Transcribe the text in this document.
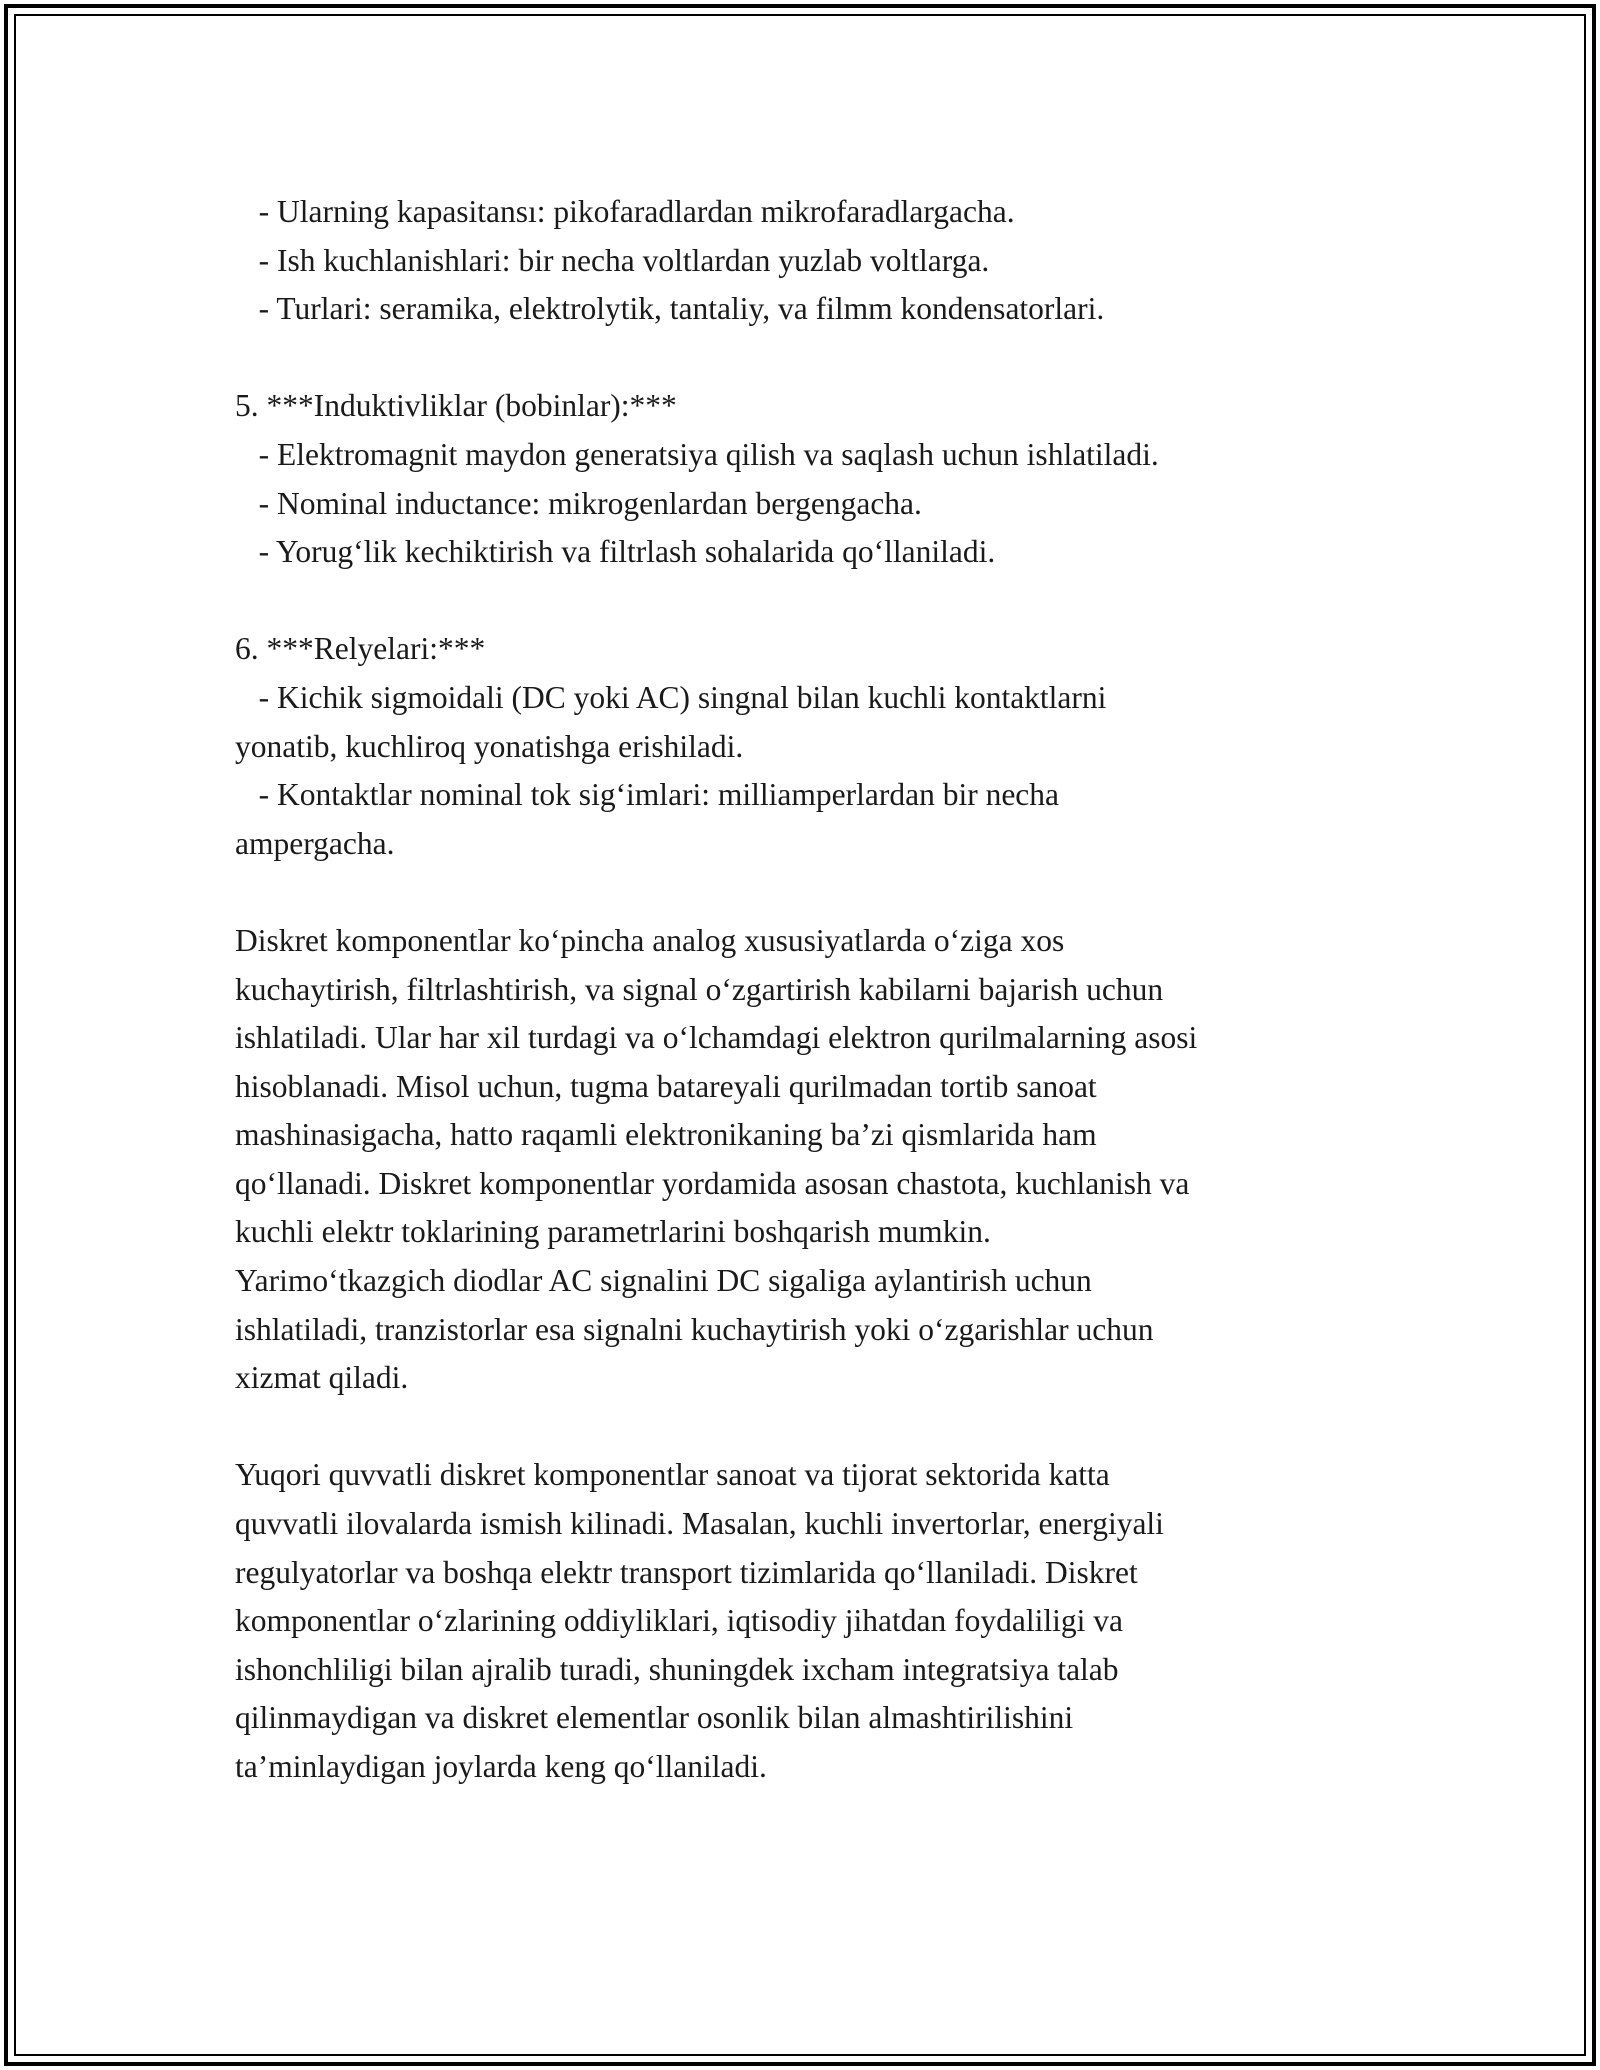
- Ularning kapasitansı: pikofaradlardan mikrofaradlargacha.

- Ish kuchlanishlari: bir necha voltlardan yuzlab voltlarga.

- Turlari: seramika, elektrolytik, tantaliy, va filmm kondensatorlari.

5. ***Induktivliklar (bobinlar):***

- Elektromagnit maydon generatsiya qilish va saqlash uchun ishlatiladi.

- Nominal inductance: mikrogenlardan bergengacha.

- Yorug‘lik kechiktirish va filtrlash sohalarida qo‘llaniladi.

6. ***Relyelari:***

- Kichik sigmoidali (DC yoki AC) singnal bilan kuchli kontaktlarni
yonatib, kuchliroq yonatishga erishiladi.

- Kontaktlar nominal tok sig‘imlari: milliamperlardan bir necha
ampergacha.

Diskret komponentlar ko‘pincha analog xususiyatlarda o‘ziga xos
kuchaytirish, filtrlashtirish, va signal o‘zgartirish kabilarni bajarish uchun
ishlatiladi. Ular har xil turdagi va o‘lchamdagi elektron qurilmalarning asosi
hisoblanadi. Misol uchun, tugma batareyali qurilmadan tortib sanoat
mashinasigacha, hatto raqamli elektronikaning ba’zi qismlarida ham
qo‘llanadi. Diskret komponentlar yordamida asosan chastota, kuchlanish va
kuchli elektr toklarining parametrlarini boshqarish mumkin.
Yarimo‘tkazgich diodlar AC signalini DC sigaliga aylantirish uchun
ishlatiladi, tranzistorlar esa signalni kuchaytirish yoki o‘zgarishlar uchun
xizmat qiladi.

Yuqori quvvatli diskret komponentlar sanoat va tijorat sektorida katta
quvvatli ilovalarda ismish kilinadi. Masalan, kuchli invertorlar, energiyali
regulyatorlar va boshqa elektr transport tizimlarida qo‘llaniladi. Diskret
komponentlar o‘zlarining oddiyliklari, iqtisodiy jihatdan foydaliligi va
ishonchliligi bilan ajralib turadi, shuningdek ixcham integratsiya talab
qilinmaydigan va diskret elementlar osonlik bilan almashtirilishini
ta’minlaydigan joylarda keng qo‘llaniladi.
